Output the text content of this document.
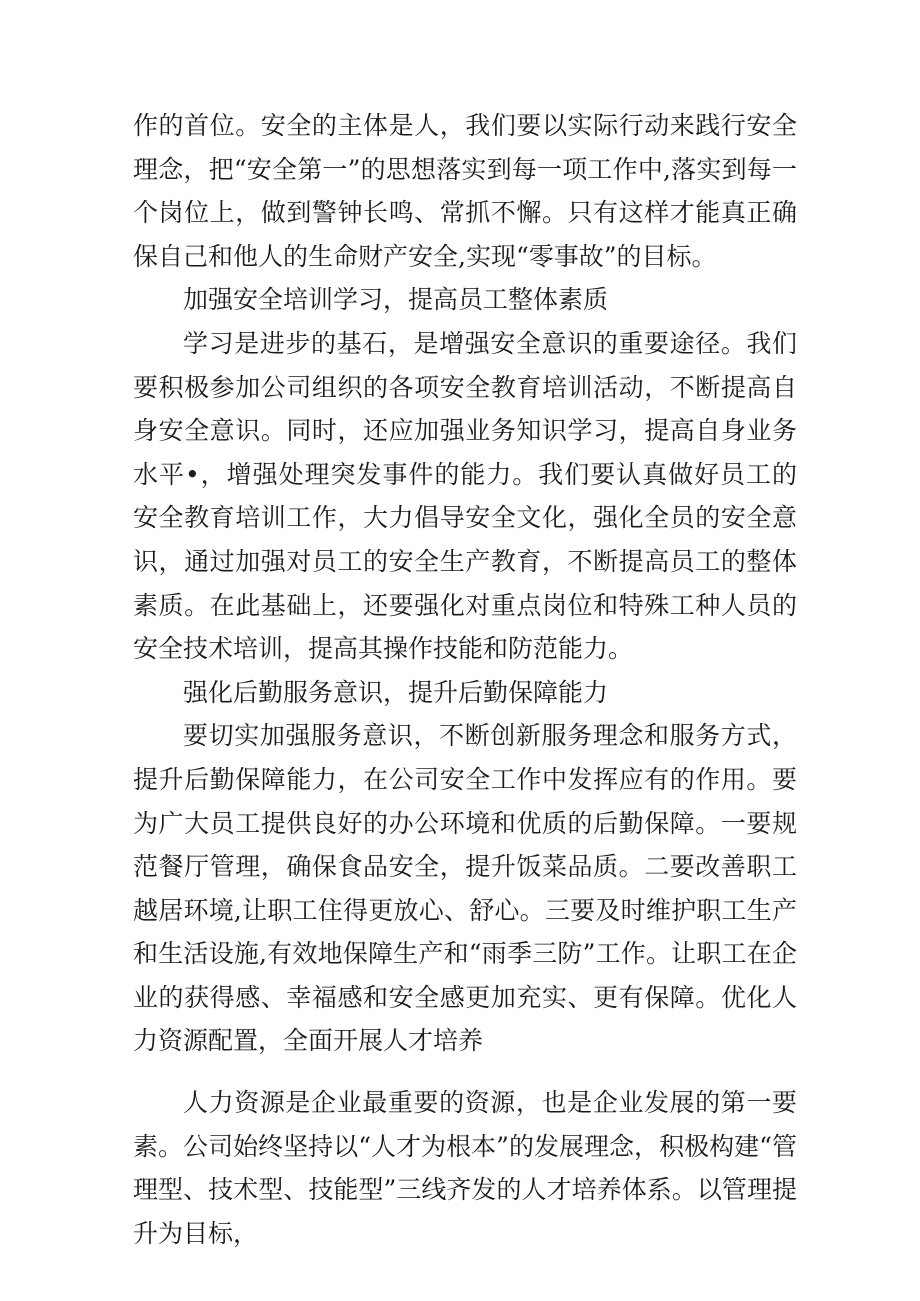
作的首位。安全的主体是人，我们要以实际行动来践行安全理念，把“安全第一”的思想落实到每一项工作中,落实到每一个岗位上，做到警钟长鸣、常抓不懈。只有这样才能真正确保自己和他人的生命财产安全,实现“零事故”的目标。

加强安全培训学习，提高员工整体素质

学习是进步的基石，是增强安全意识的重要途径。我们要积极参加公司组织的各项安全教育培训活动，不断提高自身安全意识。同时，还应加强业务知识学习，提高自身业务水平•，增强处理突发事件的能力。我们要认真做好员工的安全教育培训工作，大力倡导安全文化，强化全员的安全意识，通过加强对员工的安全生产教育，不断提高员工的整体素质。在此基础上，还要强化对重点岗位和特殊工种人员的安全技术培训，提高其操作技能和防范能力。

强化后勤服务意识，提升后勤保障能力

要切实加强服务意识，不断创新服务理念和服务方式，提升后勤保障能力，在公司安全工作中发挥应有的作用。要为广大员工提供良好的办公环境和优质的后勤保障。一要规范餐厅管理，确保食品安全，提升饭菜品质。二要改善职工越居环境,让职工住得更放心、舒心。三要及时维护职工生产和生活设施,有效地保障生产和“雨季三防”工作。让职工在企业的获得感、幸福感和安全感更加充实、更有保障。优化人力资源配置，全面开展人才培养

人力资源是企业最重要的资源，也是企业发展的第一要素。公司始终坚持以“人才为根本”的发展理念，积极构建“管理型、技术型、技能型”三线齐发的人才培养体系。以管理提升为目标，
